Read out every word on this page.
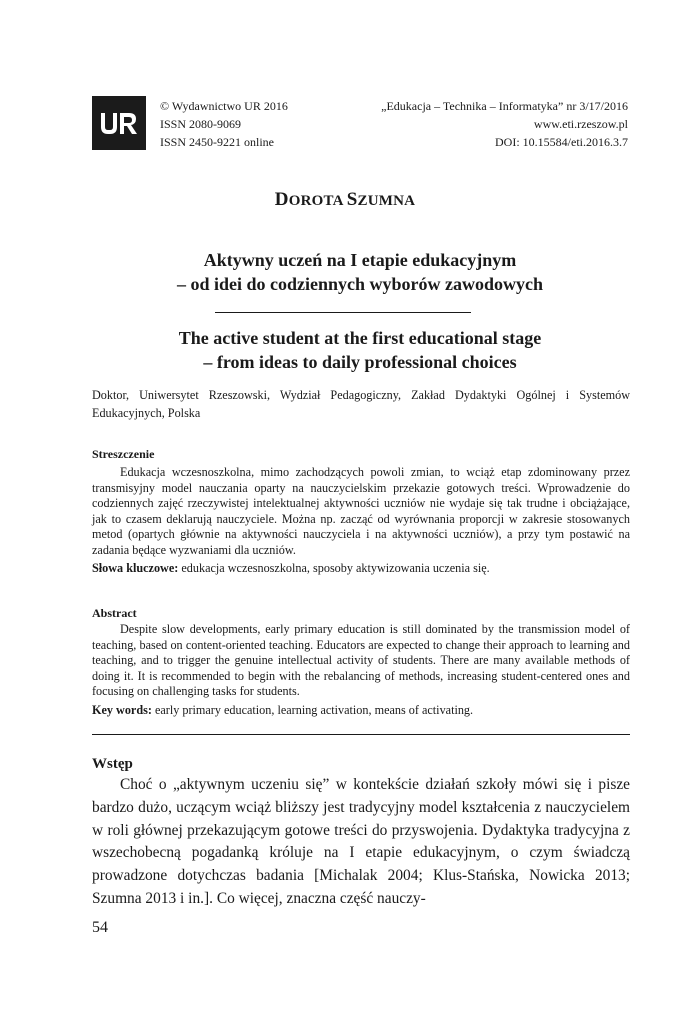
© Wydawnictwo UR 2016
ISSN 2080-9069
ISSN 2450-9221 online
„Edukacja – Technika – Informatyka” nr 3/17/2016
www.eti.rzeszow.pl
DOI: 10.15584/eti.2016.3.7
DOROTA SZUMNA
Aktywny uczeń na I etapie edukacyjnym
– od idei do codziennych wyborów zawodowych
The active student at the first educational stage
– from ideas to daily professional choices
Doktor, Uniwersytet Rzeszowski, Wydział Pedagogiczny, Zakład Dydaktyki Ogólnej i Systemów Edukacyjnych, Polska
Streszczenie
Edukacja wczesnoszkolna, mimo zachodzących powoli zmian, to wciąż etap zdominowany przez transmisyjny model nauczania oparty na nauczycielskim przekazie gotowych treści. Wprowadzenie do codziennych zajęć rzeczywistej intelektualnej aktywności uczniów nie wydaje się tak trudne i obciążające, jak to czasem deklarują nauczyciele. Można np. zacząć od wyrównania proporcji w zakresie stosowanych metod (opartych głównie na aktywności nauczyciela i na aktywności uczniów), a przy tym postawić na zadania będące wyzwaniami dla uczniów.
Słowa kluczowe: edukacja wczesnoszkolna, sposoby aktywizowania uczenia się.
Abstract
Despite slow developments, early primary education is still dominated by the transmission model of teaching, based on content-oriented teaching. Educators are expected to change their approach to learning and teaching, and to trigger the genuine intellectual activity of students. There are many available methods of doing it. It is recommended to begin with the rebalancing of methods, increasing student-centered ones and focusing on challenging tasks for students.
Key words: early primary education, learning activation, means of activating.
Wstęp
Choć o „aktywnym uczeniu się” w kontekście działań szkoły mówi się i pisze bardzo dużo, uczącym wciąż bliższy jest tradycyjny model kształcenia z nauczycielem w roli głównej przekazującym gotowe treści do przyswojenia. Dydaktyka tradycyjna z wszechobecną pogadanką króluje na I etapie edukacyjnym, o czym świadczą prowadzone dotychczas badania [Michalak 2004; Klus-Stańska, Nowicka 2013; Szumna 2013 i in.]. Co więcej, znaczna część nauczy-
54
